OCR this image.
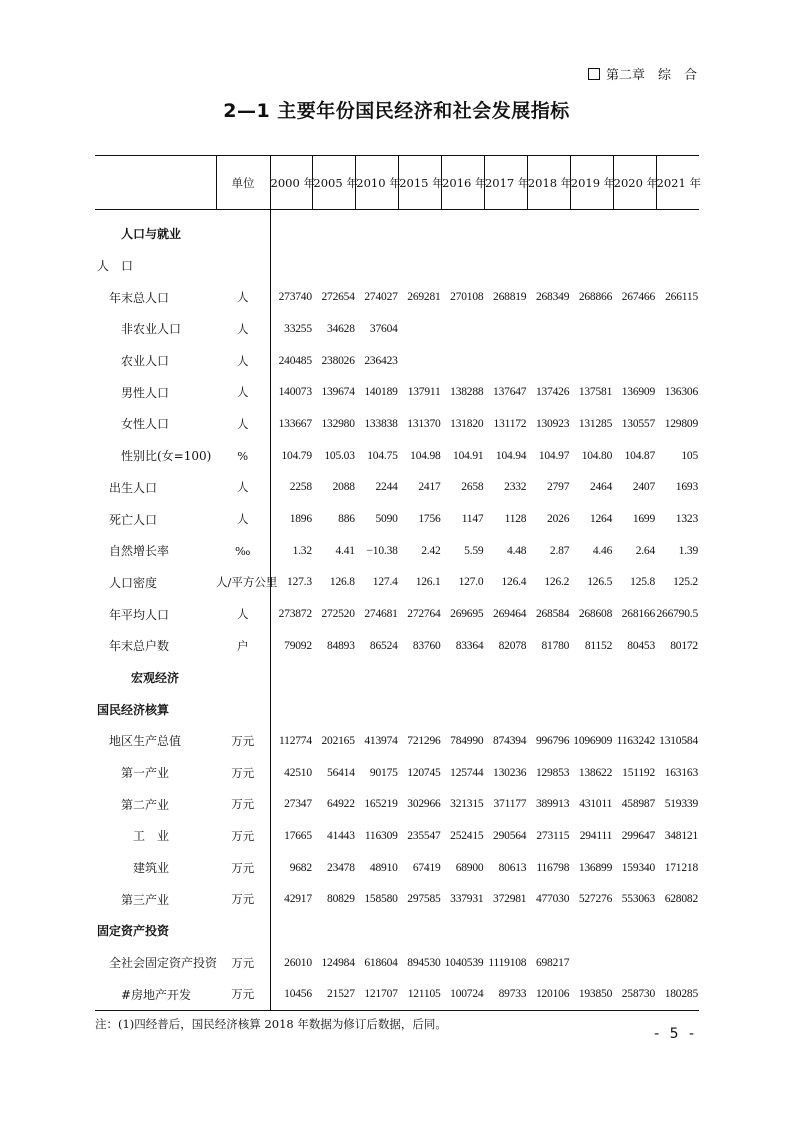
第二章　综　合
2—1 主要年份国民经济和社会发展指标
	单位	2000 年	2005 年	2010 年	2015 年	2016 年	2017 年	2018 年	2019 年	2020 年	2021 年
人口与就业											
人　口											
年末总人口	人	273740	272654	274027	269281	270108	268819	268349	268866	267466	266115
非农业人口	人	33255	34628	37604							
农业人口	人	240485	238026	236423							
男性人口	人	140073	139674	140189	137911	138288	137647	137426	137581	136909	136306
女性人口	人	133667	132980	133838	131370	131820	131172	130923	131285	130557	129809
性别比(女=100)	%	104.79	105.03	104.75	104.98	104.91	104.94	104.97	104.80	104.87	105
出生人口	人	2258	2088	2244	2417	2658	2332	2797	2464	2407	1693
死亡人口	人	1896	886	5090	1756	1147	1128	2026	1264	1699	1323
自然增长率	‰	1.32	4.41	−10.38	2.42	5.59	4.48	2.87	4.46	2.64	1.39
人口密度	人/平方公里	127.3	126.8	127.4	126.1	127.0	126.4	126.2	126.5	125.8	125.2
年平均人口	人	273872	272520	274681	272764	269695	269464	268584	268608	268166	266790.5
年末总户数	户	79092	84893	86524	83760	83364	82078	81780	81152	80453	80172
宏观经济											
国民经济核算											
地区生产总值	万元	112774	202165	413974	721296	784990	874394	996796	1096909	1163242	1310584
第一产业	万元	42510	56414	90175	120745	125744	130236	129853	138622	151192	163163
第二产业	万元	27347	64922	165219	302966	321315	371177	389913	431011	458987	519339
工　业	万元	17665	41443	116309	235547	252415	290564	273115	294111	299647	348121
建筑业	万元	9682	23478	48910	67419	68900	80613	116798	136899	159340	171218
第三产业	万元	42917	80829	158580	297585	337931	372981	477030	527276	553063	628082
固定资产投资											
全社会固定资产投资	万元	26010	124984	618604	894530	1040539	1119108	698217			
#房地产开发	万元	10456	21527	121707	121105	100724	89733	120106	193850	258730	180285
注：(1)四经普后，国民经济核算 2018 年数据为修订后数据，后同。
- 5 -
